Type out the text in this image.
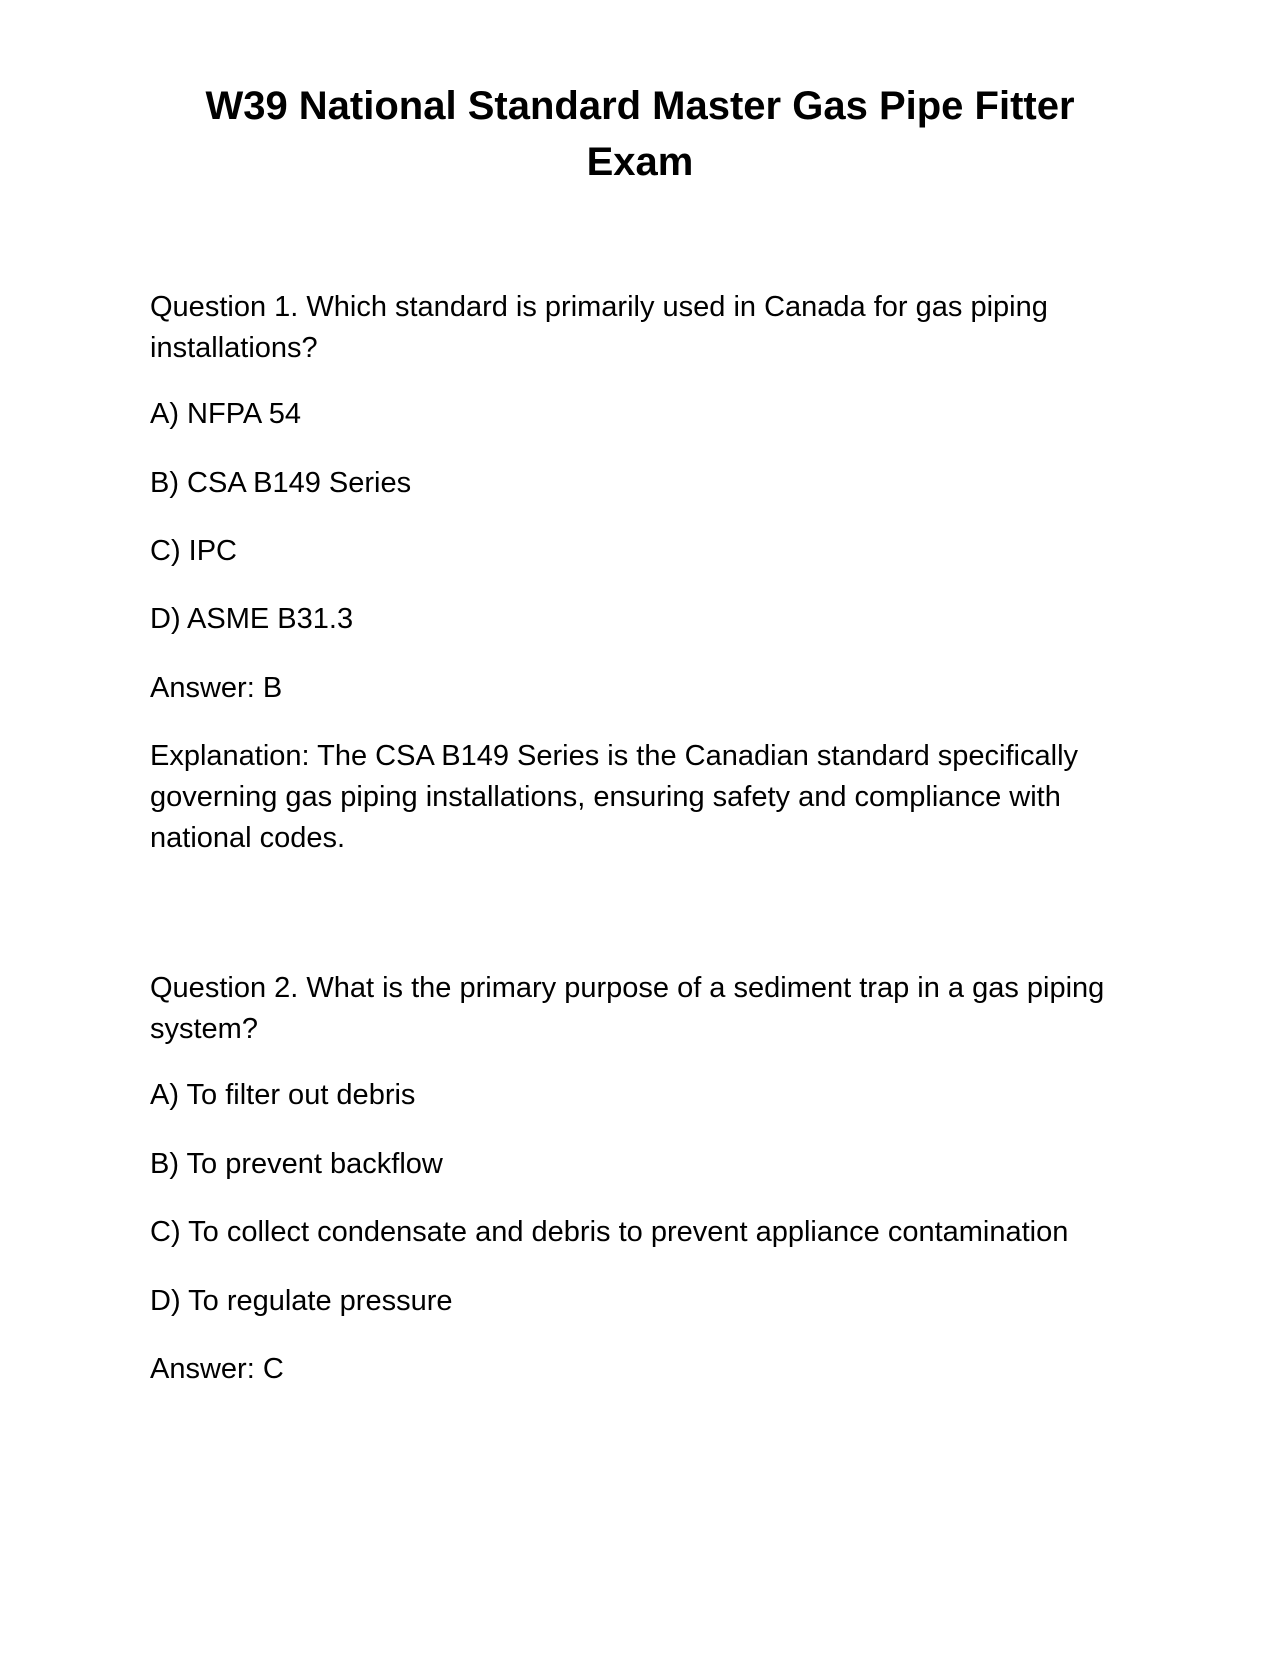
W39 National Standard Master Gas Pipe Fitter Exam

Question 1. Which standard is primarily used in Canada for gas piping installations?

A) NFPA 54

B) CSA B149 Series

C) IPC

D) ASME B31.3

Answer: B

Explanation: The CSA B149 Series is the Canadian standard specifically governing gas piping installations, ensuring safety and compliance with national codes.

Question 2. What is the primary purpose of a sediment trap in a gas piping system?

A) To filter out debris

B) To prevent backflow

C) To collect condensate and debris to prevent appliance contamination

D) To regulate pressure

Answer: C
